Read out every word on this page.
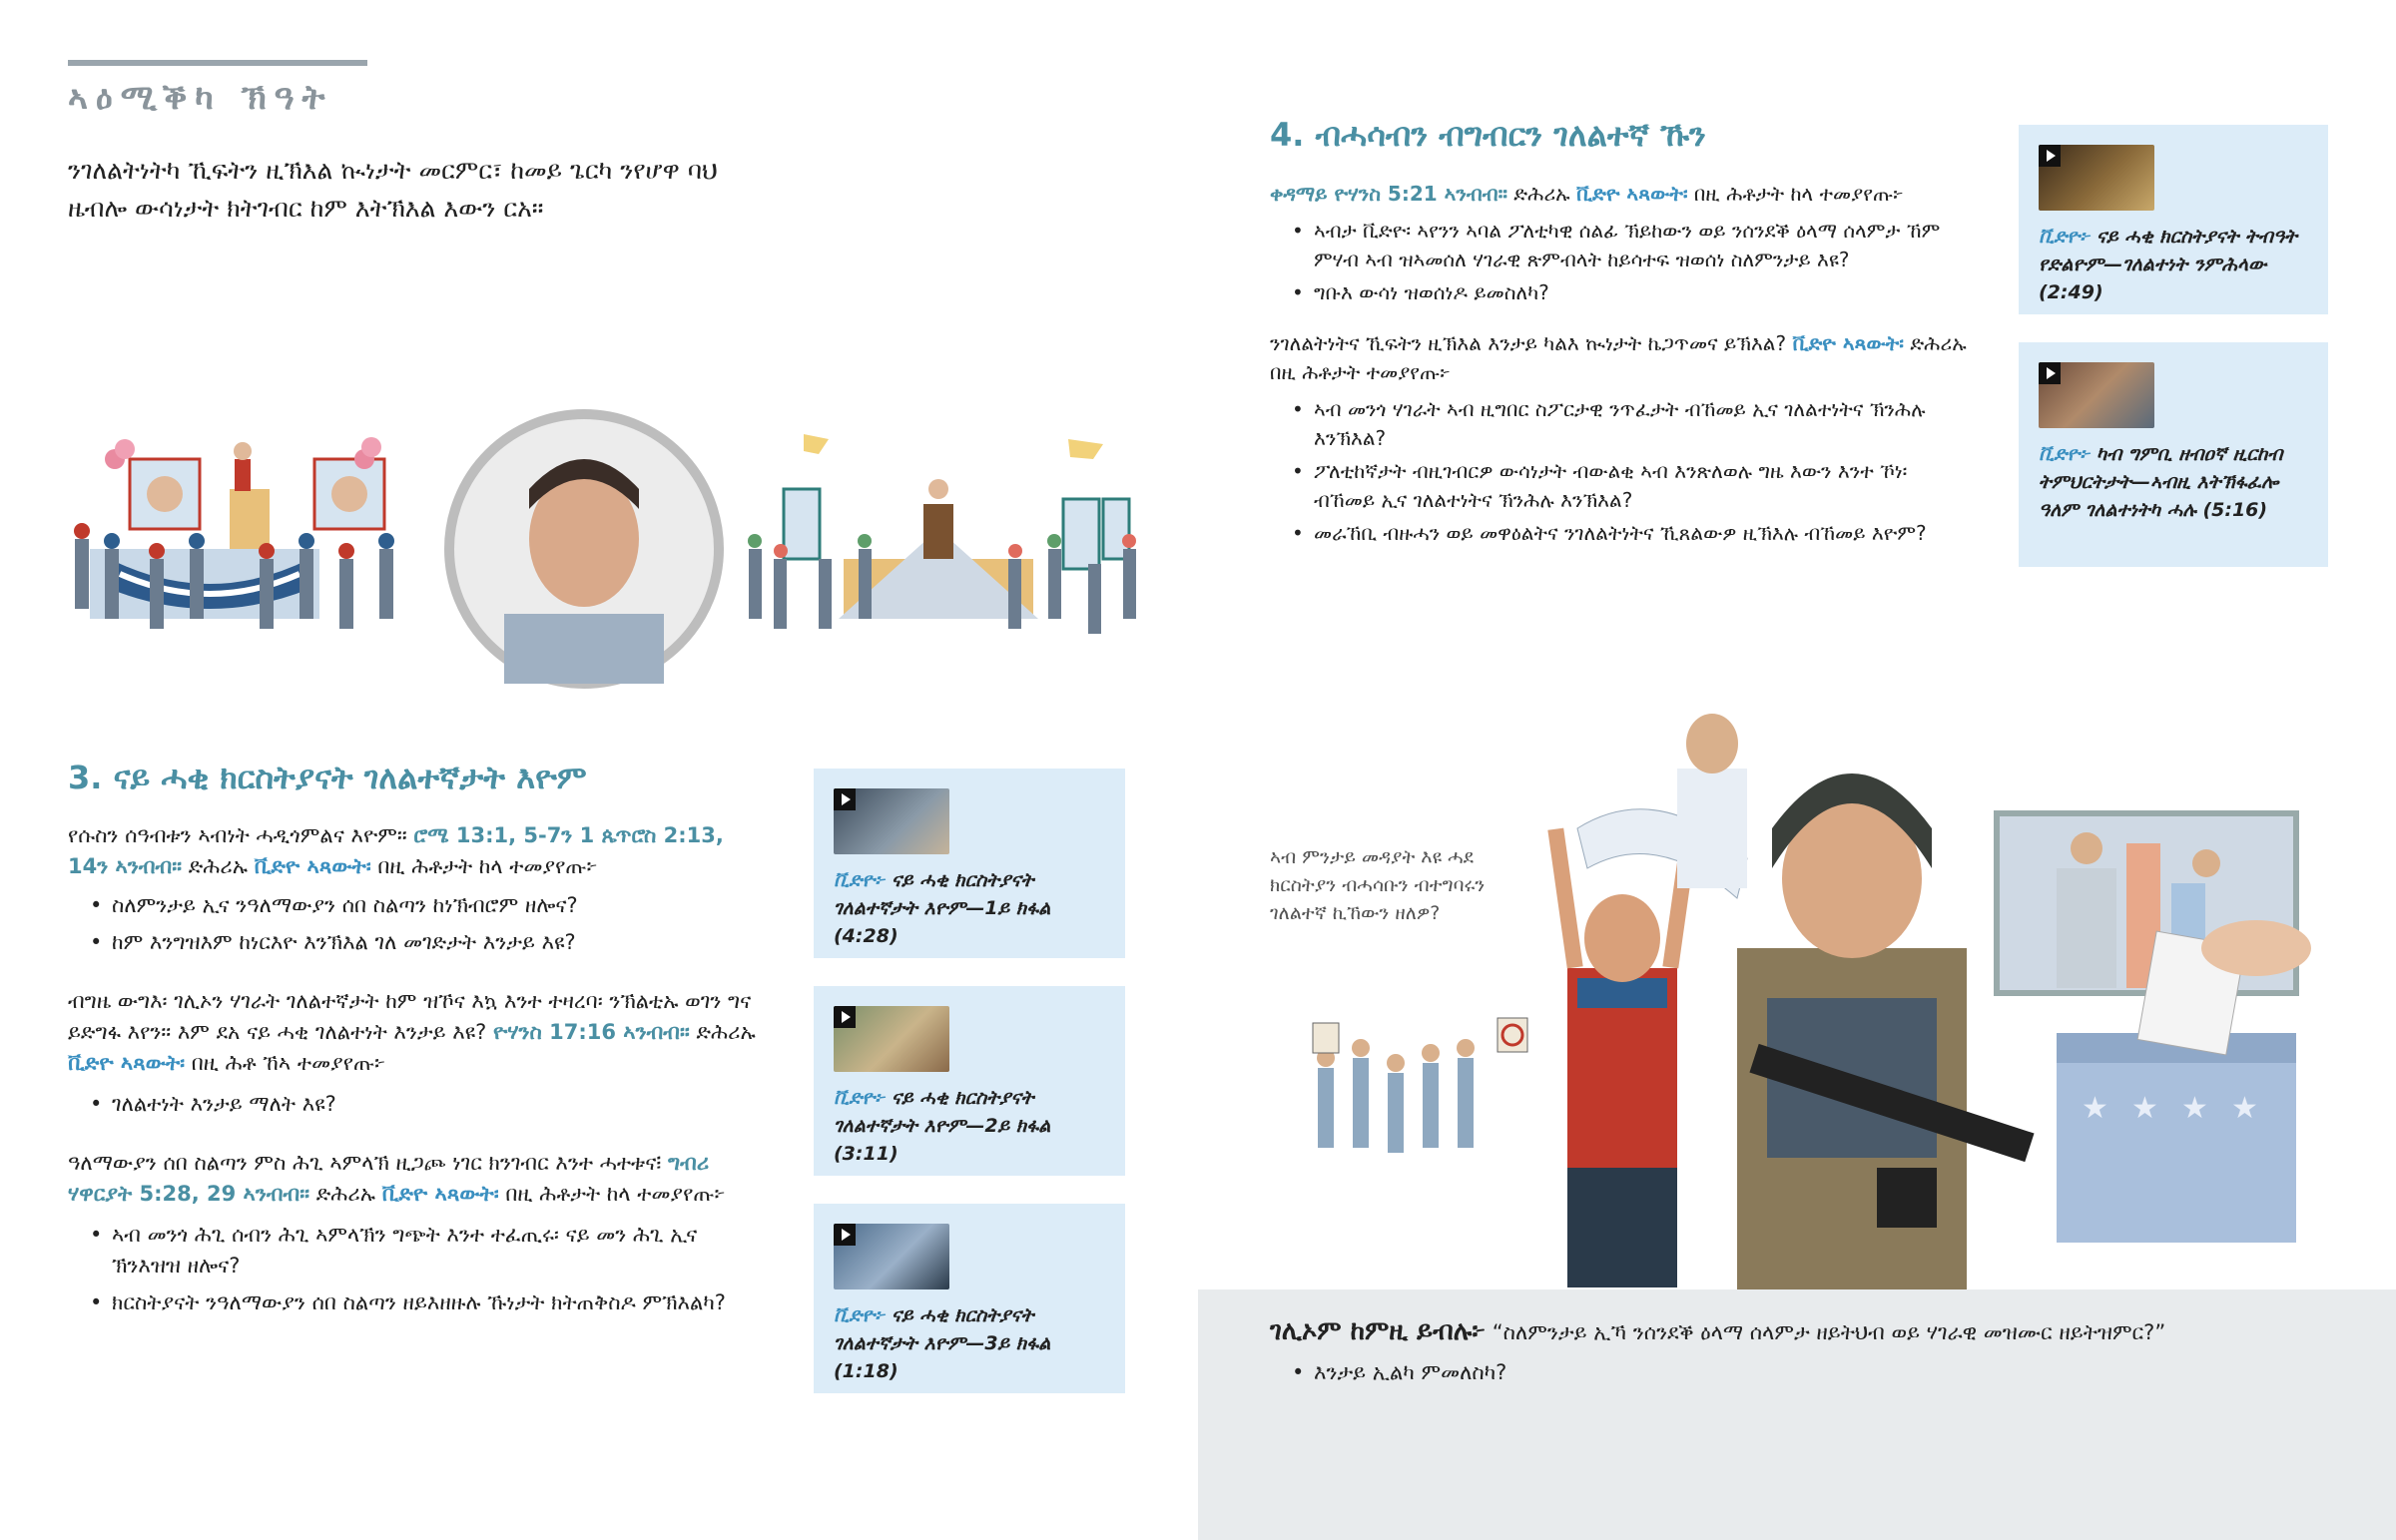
ኣዕሚቕካ ኽዓት
ንገለልትነትካ ኺፍትን ዚኽእል ኲነታት መርምር፣ ከመይ ጌርካ ንየሆዋ ባህ ዜብሎ ውሳነታት ክትገብር ከም እትኽእል እውን ርአ።
3. ናይ ሓቂ ክርስትያናት ገለልተኛታት እዮም
የሱስን ሰዓብቱን ኣብነት ሓዲጎምልና እዮም። ሮሜ 13:1, 5-7ን 1 ጴጥሮስ 2:13, 14ን ኣንብብ። ድሕሪኡ ቪድዮ ኣጻውት፡ በዚ ሕቶታት ከላ ተመያየጡ፦
• ስለምንታይ ኢና ንዓለማውያን ሰበ ስልጣን ከነኽብሮም ዘሎና?
• ከም እንግዝእም ከነርእዮ እንኽእል ገለ መገድታት እንታይ እዩ?
ብግዜ ውግእ፡ ገሊኦን ሃገራት ገለልተኛታት ከም ዝኾና እኳ እንተ ተዛረባ፡ ንኽልቲኡ ወገን ግና ይድግፋ እየን። እም ደአ ናይ ሓቂ ገለልተነት እንታይ እዩ? ዮሃንስ 17:16 ኣንብብ። ድሕሪኡ ቪድዮ ኣጻውት፡ በዚ ሕቶ ኸኣ ተመያየጡ፦
• ገለልተነት እንታይ ማለት እዩ?
ዓለማውያን ሰበ ስልጣን ምስ ሕጊ ኣምላኽ ዚጋጮ ነገር ክንገብር እንተ ሓተቱና፧ ግብሪ ሃዋርያት 5:28, 29 ኣንብብ። ድሕሪኡ ቪድዮ ኣጻውት፡ በዚ ሕቶታት ከላ ተመያየጡ፦
• ኣብ መንጎ ሕጊ ሰብን ሕጊ ኣምላኽን ግጭት እንተ ተፈጢሩ፡ ናይ መን ሕጊ ኢና ኽንእዝዝ ዘሎና?
• ክርስትያናት ንዓለማውያን ሰበ ስልጣን ዘይእዘዙሉ ኹነታት ክትጠቅስዶ ምኽእልካ?
ቪድዮ፦ ናይ ሓቂ ክርስትያናት ገለልተኛታት እዮም—1ይ ክፋል (4:28)
ቪድዮ፦ ናይ ሓቂ ክርስትያናት ገለልተኛታት እዮም—2ይ ክፋል (3:11)
ቪድዮ፦ ናይ ሓቂ ክርስትያናት ገለልተኛታት እዮም—3ይ ክፋል (1:18)
4. ብሓሳብን ብግብርን ገለልተኛ ኹን
ቀዳማይ ዮሃንስ 5:21 ኣንብብ። ድሕሪኡ ቪድዮ ኣጻውት፡ በዚ ሕቶታት ከላ ተመያየጡ፦
• ኣብታ ቪድዮ፡ ኣየንን ኣባል ፖለቲካዊ ሰልፊ ኽይከውን ወይ ንሰንደቕ ዕላማ ሰላምታ ኸም ምሃብ ኣብ ዝኣመሰለ ሃገራዊ ጽምብላት ከይሳተፍ ዝወሰነ ስለምንታይ እዩ?
• ግቡእ ውሳነ ዝወሰነዶ ይመስለካ?
ንገለልትነትና ኺፍትን ዚኽእል እንታይ ካልእ ኲነታት ኬጋጥመና ይኽእል? ቪድዮ ኣጻውት፡ ድሕሪኡ በዚ ሕቶታት ተመያየጡ፦
• ኣብ መንጎ ሃገራት ኣብ ዚግበር ስፖርታዊ ንጥፈታት ብኸመይ ኢና ገለልተነትና ኽንሕሉ እንኽእል?
• ፖለቲከኛታት ብዚገብርዎ ውሳነታት ብውልቂ ኣብ እንጽለወሉ ግዜ እውን እንተ ኾነ፡ ብኸመይ ኢና ገለልተነትና ኽንሕሉ እንኽእል?
• መራኸቢ ብዙሓን ወይ መዋዕልትና ንገለልትነትና ኺጸልውዎ ዚኽእሉ ብኸመይ እዮም?
ቪድዮ፦ ናይ ሓቂ ክርስትያናት ትብዓት የድልዮም—ገለልተነት ንምሕላው (2:49)
ቪድዮ፦ ካብ ግምቢ ዘብዐኛ ዚርከብ ትምህርትታት—ኣብዚ እትኽፋፈሎ ዓለም ገለልተነትካ ሓሉ (5:16)
ኣብ ምንታይ መዳያት እዩ ሓደ ክርስትያን ብሓሳቡን ብተግባሩን ገለልተኛ ኪኸውን ዘለዎ?
★ ★ ★ ★
ገሊኦም ከምዚ ይብሉ፦ “ስለምንታይ ኢኻ ንሰንደቕ ዕላማ ሰላምታ ዘይትህብ ወይ ሃገራዊ መዝሙር ዘይትዝምር?”
• እንታይ ኢልካ ምመለስካ?
